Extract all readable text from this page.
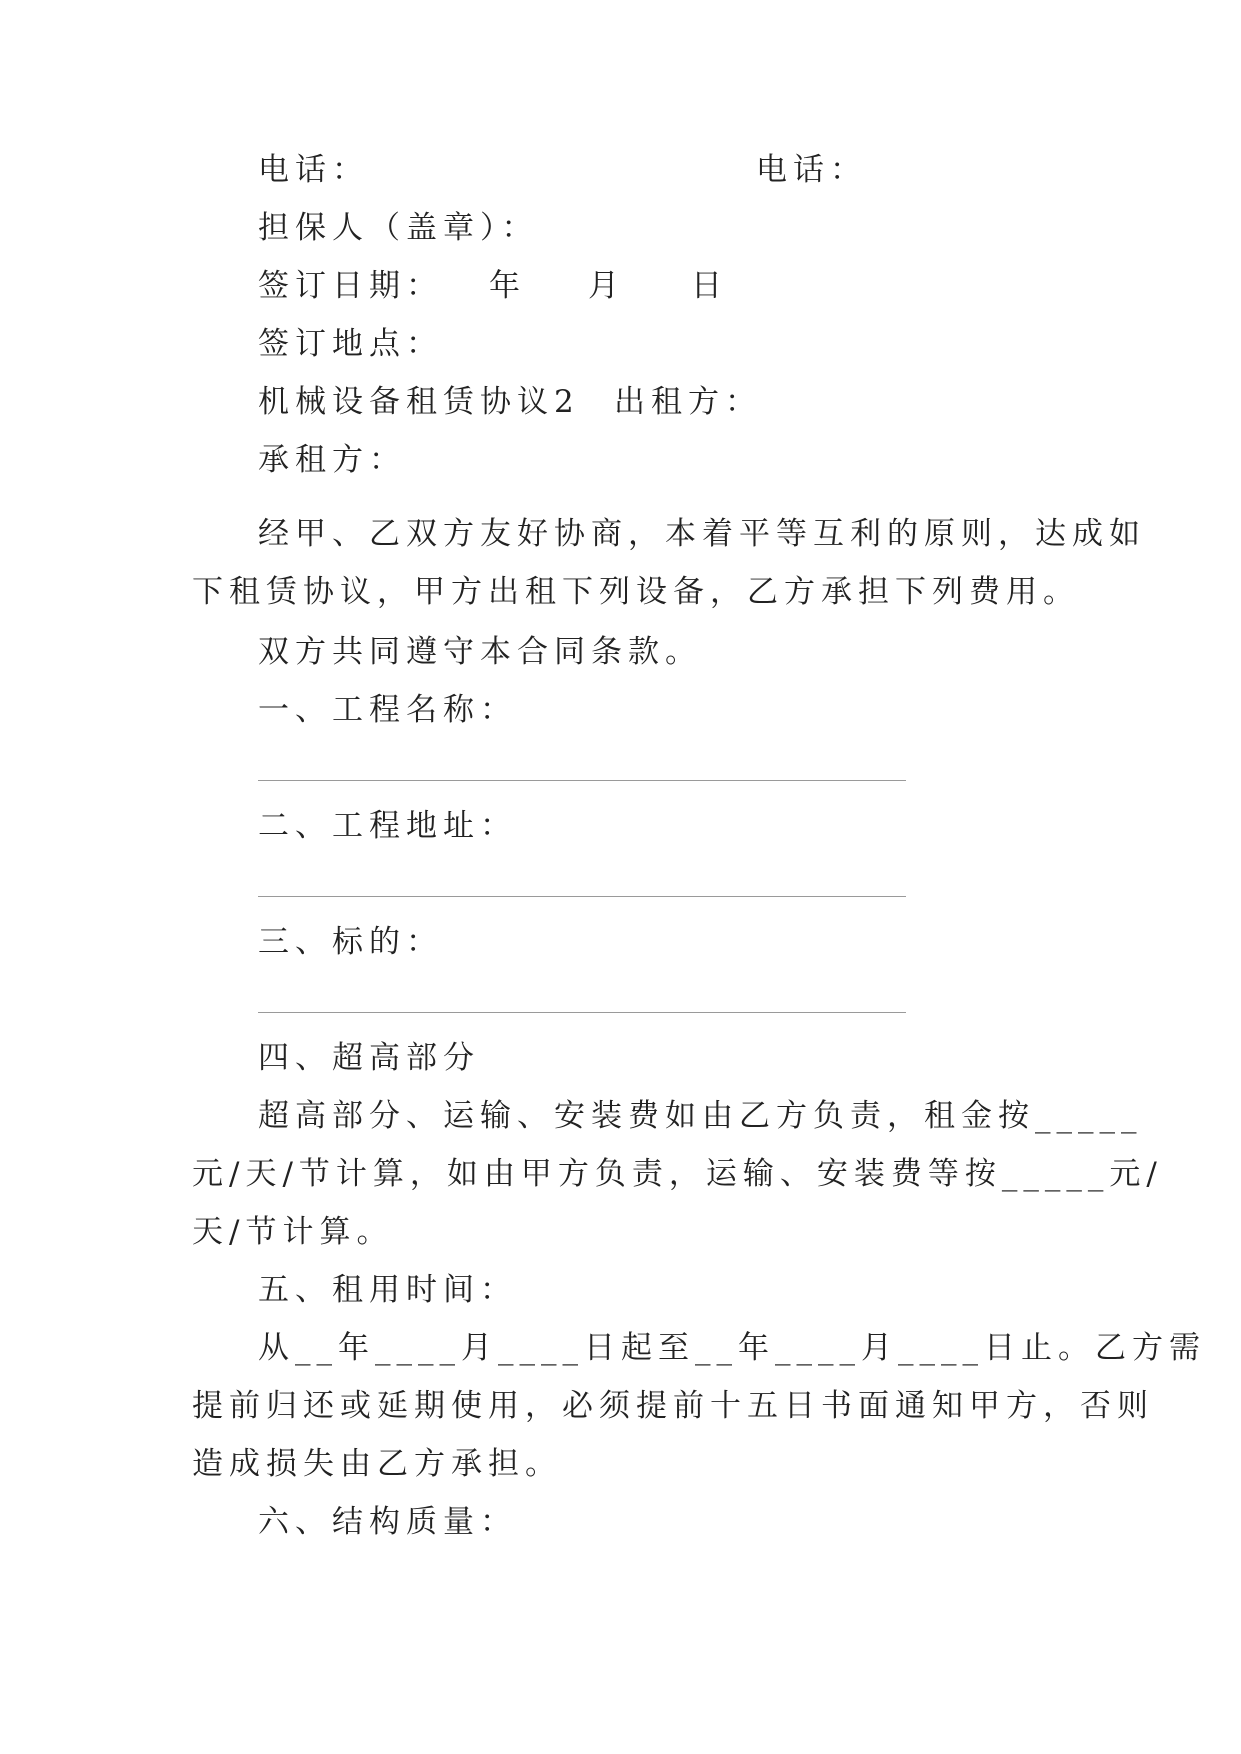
电话：	电话：
担保人（盖章）：
签订日期： 年 月 日
签订地点：
机械设备租赁协议2 出租方：
承租方：
经甲、乙双方友好协商，本着平等互利的原则，达成如
下租赁协议，甲方出租下列设备，乙方承担下列费用。
双方共同遵守本合同条款。
一、工程名称：
二、工程地址：
三、标的：
四、超高部分
超高部分、运输、安装费如由乙方负责，租金按_____
元/天/节计算，如由甲方负责，运输、安装费等按_____元/
天/节计算。
五、租用时间：
从__年____月____日起至__年____月____日止。乙方需
提前归还或延期使用，必须提前十五日书面通知甲方，否则
造成损失由乙方承担。
六、结构质量：
